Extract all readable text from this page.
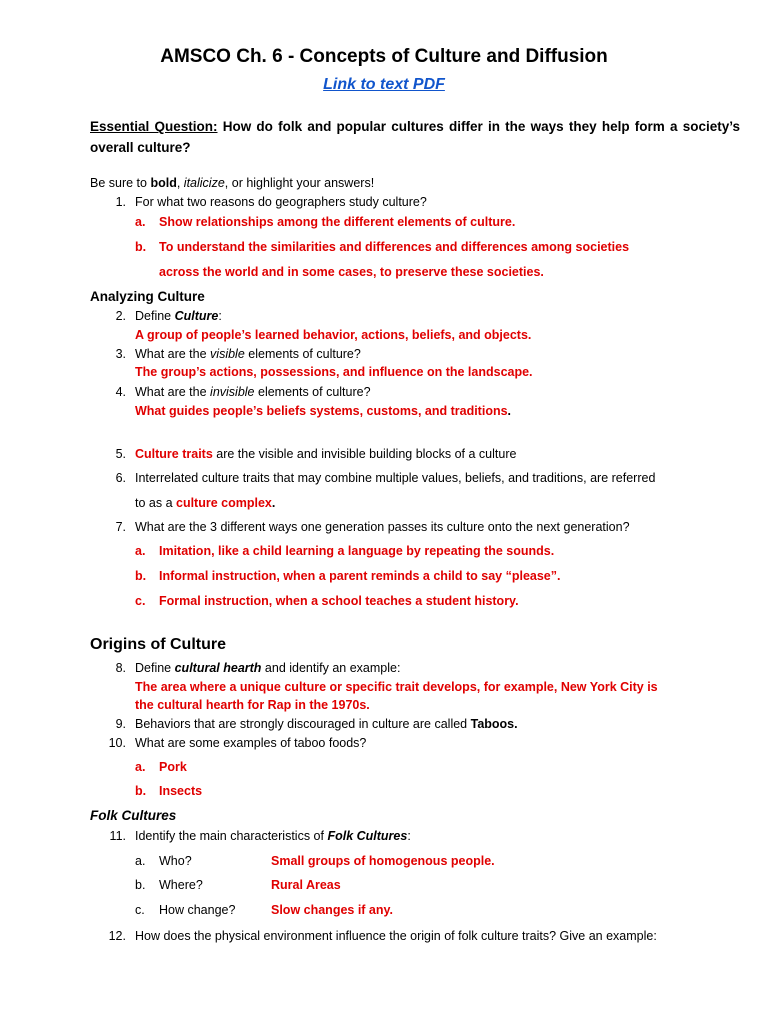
AMSCO Ch. 6 - Concepts of Culture and Diffusion
Link to text PDF
Essential Question: How do folk and popular cultures differ in the ways they help form a society’s overall culture?
Be sure to bold, italicize, or highlight your answers!
1. For what two reasons do geographers study culture?
a. Show relationships among the different elements of culture.
b. To understand the similarities and differences and differences among societies
across the world and in some cases, to preserve these societies.
Analyzing Culture
2. Define Culture:
A group of people’s learned behavior, actions, beliefs, and objects.
3. What are the visible elements of culture?
The group’s actions, possessions, and influence on the landscape.
4. What are the invisible elements of culture?
What guides people’s beliefs systems, customs, and traditions.
5. Culture traits are the visible and invisible building blocks of a culture
6. Interrelated culture traits that may combine multiple values, beliefs, and traditions, are referred
to as a culture complex.
7. What are the 3 different ways one generation passes its culture onto the next generation?
a. Imitation, like a child learning a language by repeating the sounds.
b. Informal instruction, when a parent reminds a child to say “please”.
c. Formal instruction, when a school teaches a student history.
Origins of Culture
8. Define cultural hearth and identify an example:
The area where a unique culture or specific trait develops, for example, New York City is
the cultural hearth for Rap in the 1970s.
9. Behaviors that are strongly discouraged in culture are called Taboos.
10. What are some examples of taboo foods?
a. Pork
b. Insects
Folk Cultures
11. Identify the main characteristics of Folk Cultures:
a. Who?	Small groups of homogenous people.
b. Where?	Rural Areas
c. How change?	Slow changes if any.
12. How does the physical environment influence the origin of folk culture traits? Give an example:
